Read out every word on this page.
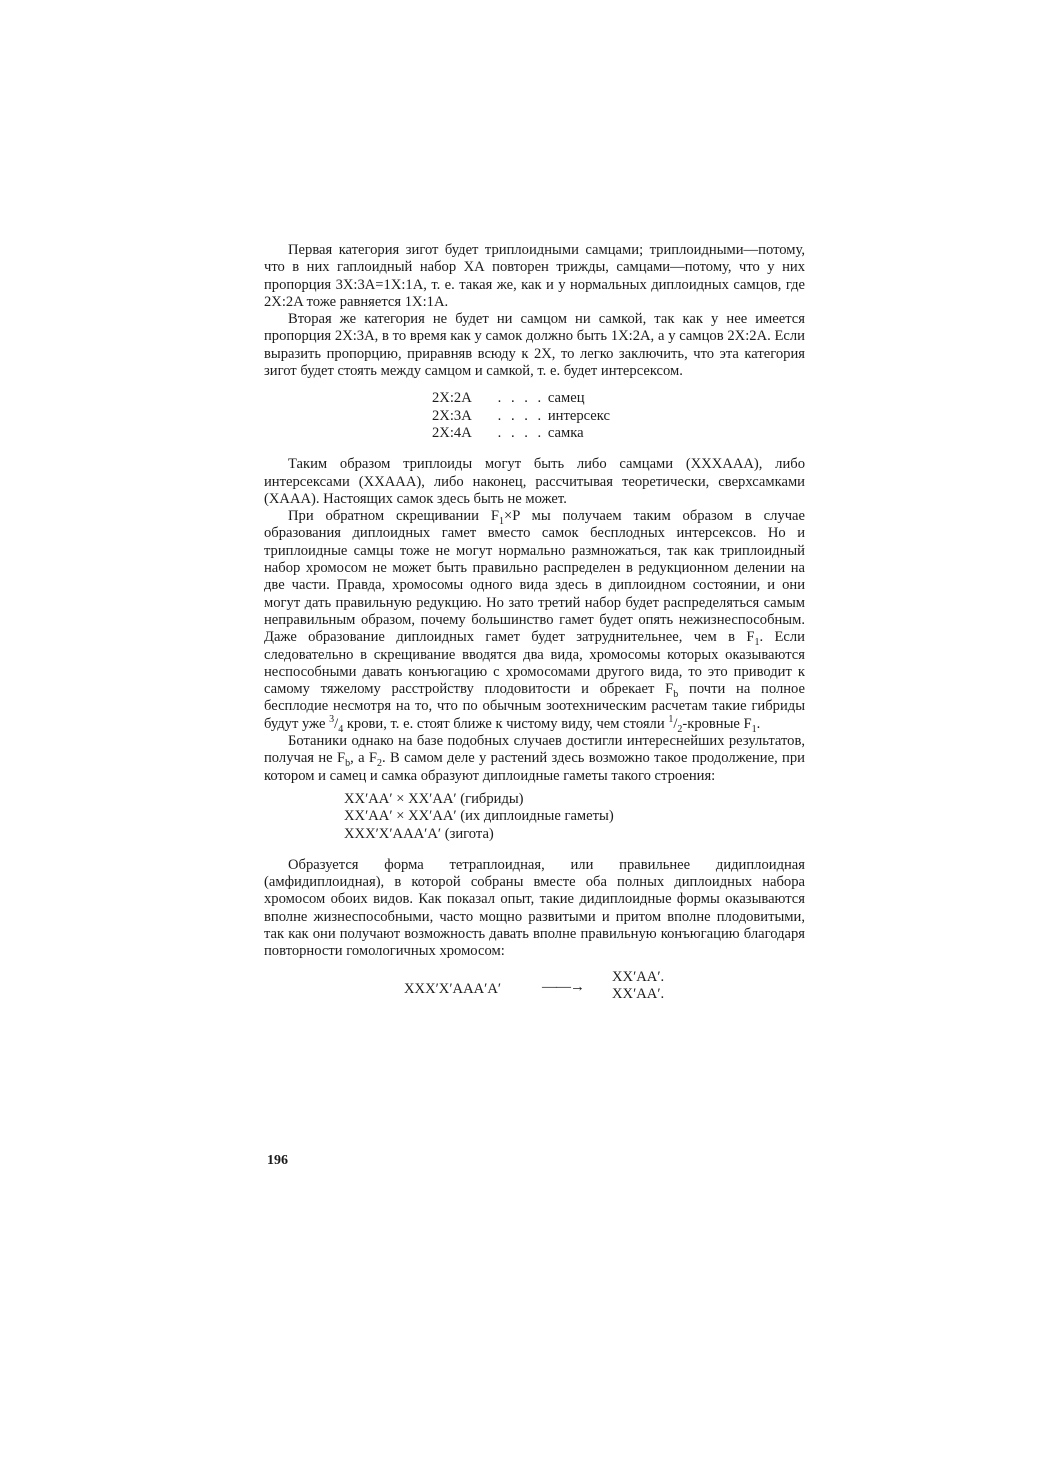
Первая категория зигот будет триплоидными самцами; триплоидными—потому, что в них гаплоидный набор ХА повторен трижды, самцами—потому, что у них пропорция 3X:3A=1X:1A, т. е. такая же, как и у нормальных диплоидных самцов, где 2X:2A тоже равняется 1X:1A.

Вторая же категория не будет ни самцом ни самкой, так как у нее имеется пропорция 2X:3A, в то время как у самок должно быть 1X:2A, а у самцов 2X:2A. Если выразить пропорцию, приравняв всюду к 2X, то легко заключить, что эта категория зигот будет стоять между самцом и самкой, т. е. будет интерсексом.

2X:2A . . . . самец
2X:3A . . . . интерсекс
2X:4A . . . . самка

Таким образом триплоиды могут быть либо самцами (XXXAAA), либо интерсексами (XXAAA), либо наконец, рассчитывая теоретически, сверхсамками (XAAA). Настоящих самок здесь быть не может.

При обратном скрещивании $F_1\times P$ мы получаем таким образом в случае образования диплоидных гамет вместо самок бесплодных интерсексов. Но и триплоидные самцы тоже не могут нормально размножаться, так как триплоидный набор хромосом не может быть правильно распределен в редукционном делении на две части. Правда, хромосомы одного вида здесь в диплоидном состоянии, и они могут дать правильную редукцию. Но зато третий набор будет распределяться самым неправильным образом, почему большинство гамет будет опять нежизнеспособным. Даже образование диплоидных гамет будет затруднительнее, чем в $F_1$. Если следовательно в скрещивание вводятся два вида, хромосомы которых оказываются неспособными давать конъюгацию с хромосомами другого вида, то это приводит к самому тяжелому расстройству плодовитости и обрекает $F_b$ почти на полное бесплодие несмотря на то, что по обычным зоотехническим расчетам такие гибриды будут уже $^3/_4$ крови, т. е. стоят ближе к чистому виду, чем стояли $^1/_2$-кровные $F_1$.

Ботаники однако на базе подобных случаев достигли интереснейших результатов, получая не $F_b$, а $F_2$. В самом деле у растений здесь возможно такое продолжение, при котором и самец и самка образуют диплоидные гаметы такого строения:

XX′AA′ × XX′AA′ (гибриды)
XX′AA′ × XX′AA′ (их диплоидные гаметы)
XXX′X′AAA′A′ (зигота)

Образуется форма тетраплоидная, или правильнее дидиплоидная (амфидиплоидная), в которой собраны вместе оба полных диплоидных набора хромосом обоих видов. Как показал опыт, такие дидиплоидные формы оказываются вполне жизнеспособными, часто мощно развитыми и притом вполне плодовитыми, так как они получают возможность давать вполне правильную конъюгацию благодаря повторности гомологичных хромосом:

XXX′X′AAA′A′	——→
XX′AA′.
XX′AA′.
196
